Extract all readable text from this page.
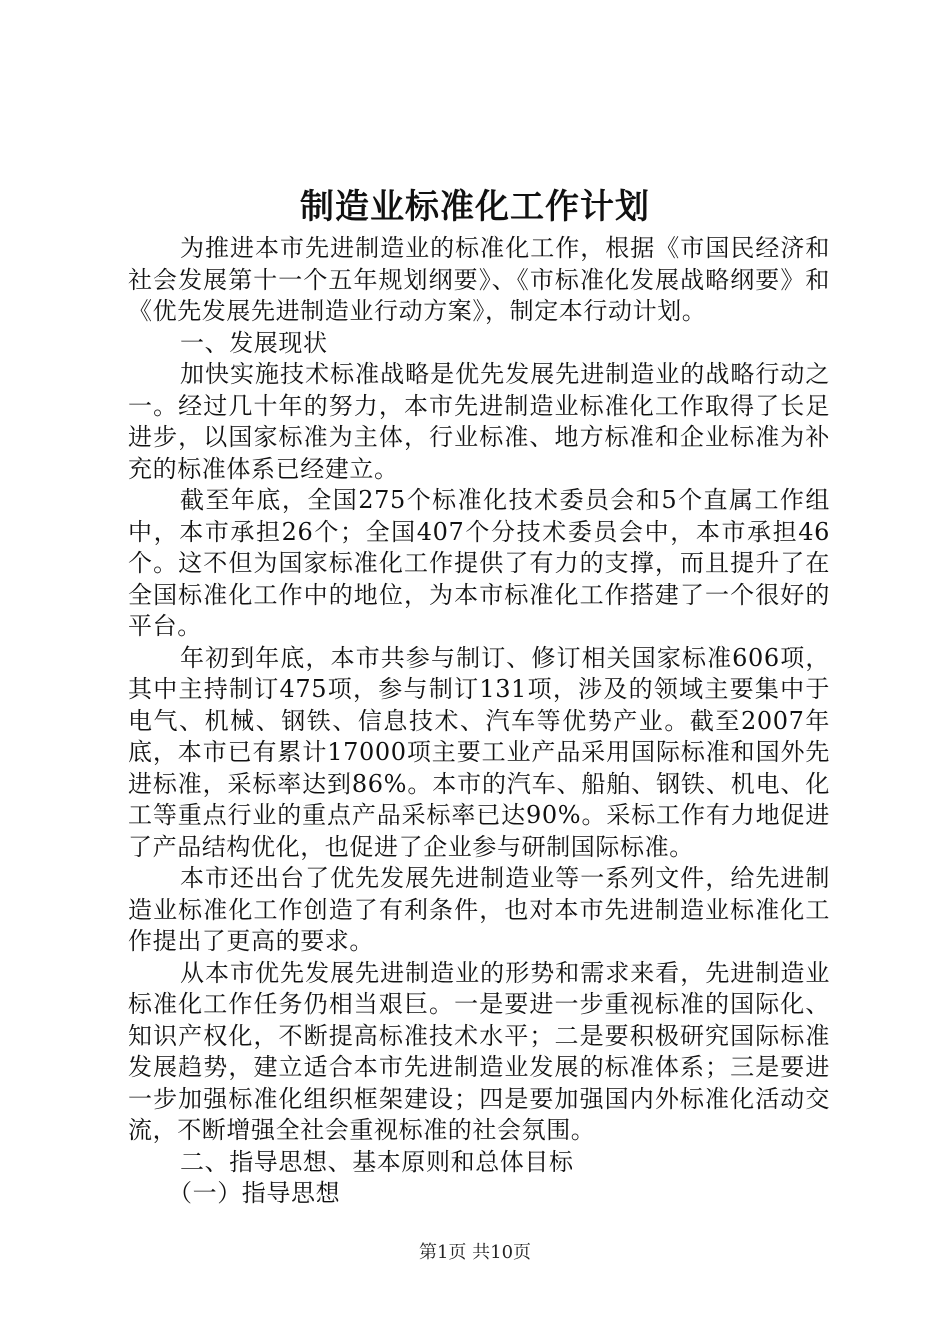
制造业标准化工作计划

为推进本市先进制造业的标准化工作，根据《市国民经济和社会发展第十一个五年规划纲要》、《市标准化发展战略纲要》和《优先发展先进制造业行动方案》，制定本行动计划。

一、发展现状

加快实施技术标准战略是优先发展先进制造业的战略行动之一。经过几十年的努力，本市先进制造业标准化工作取得了长足进步，以国家标准为主体，行业标准、地方标准和企业标准为补充的标准体系已经建立。

截至年底，全国275个标准化技术委员会和5个直属工作组中，本市承担26个；全国407个分技术委员会中，本市承担46个。这不但为国家标准化工作提供了有力的支撑，而且提升了在全国标准化工作中的地位，为本市标准化工作搭建了一个很好的平台。

年初到年底，本市共参与制订、修订相关国家标准606项，其中主持制订475项，参与制订131项，涉及的领域主要集中于电气、机械、钢铁、信息技术、汽车等优势产业。截至2007年底，本市已有累计17000项主要工业产品采用国际标准和国外先进标准，采标率达到86%。本市的汽车、船舶、钢铁、机电、化工等重点行业的重点产品采标率已达90%。采标工作有力地促进了产品结构优化，也促进了企业参与研制国际标准。

本市还出台了优先发展先进制造业等一系列文件，给先进制造业标准化工作创造了有利条件，也对本市先进制造业标准化工作提出了更高的要求。

从本市优先发展先进制造业的形势和需求来看，先进制造业标准化工作任务仍相当艰巨。一是要进一步重视标准的国际化、知识产权化，不断提高标准技术水平；二是要积极研究国际标准发展趋势，建立适合本市先进制造业发展的标准体系；三是要进一步加强标准化组织框架建设；四是要加强国内外标准化活动交流，不断增强全社会重视标准的社会氛围。

二、指导思想、基本原则和总体目标

（一）指导思想

第1页 共10页
